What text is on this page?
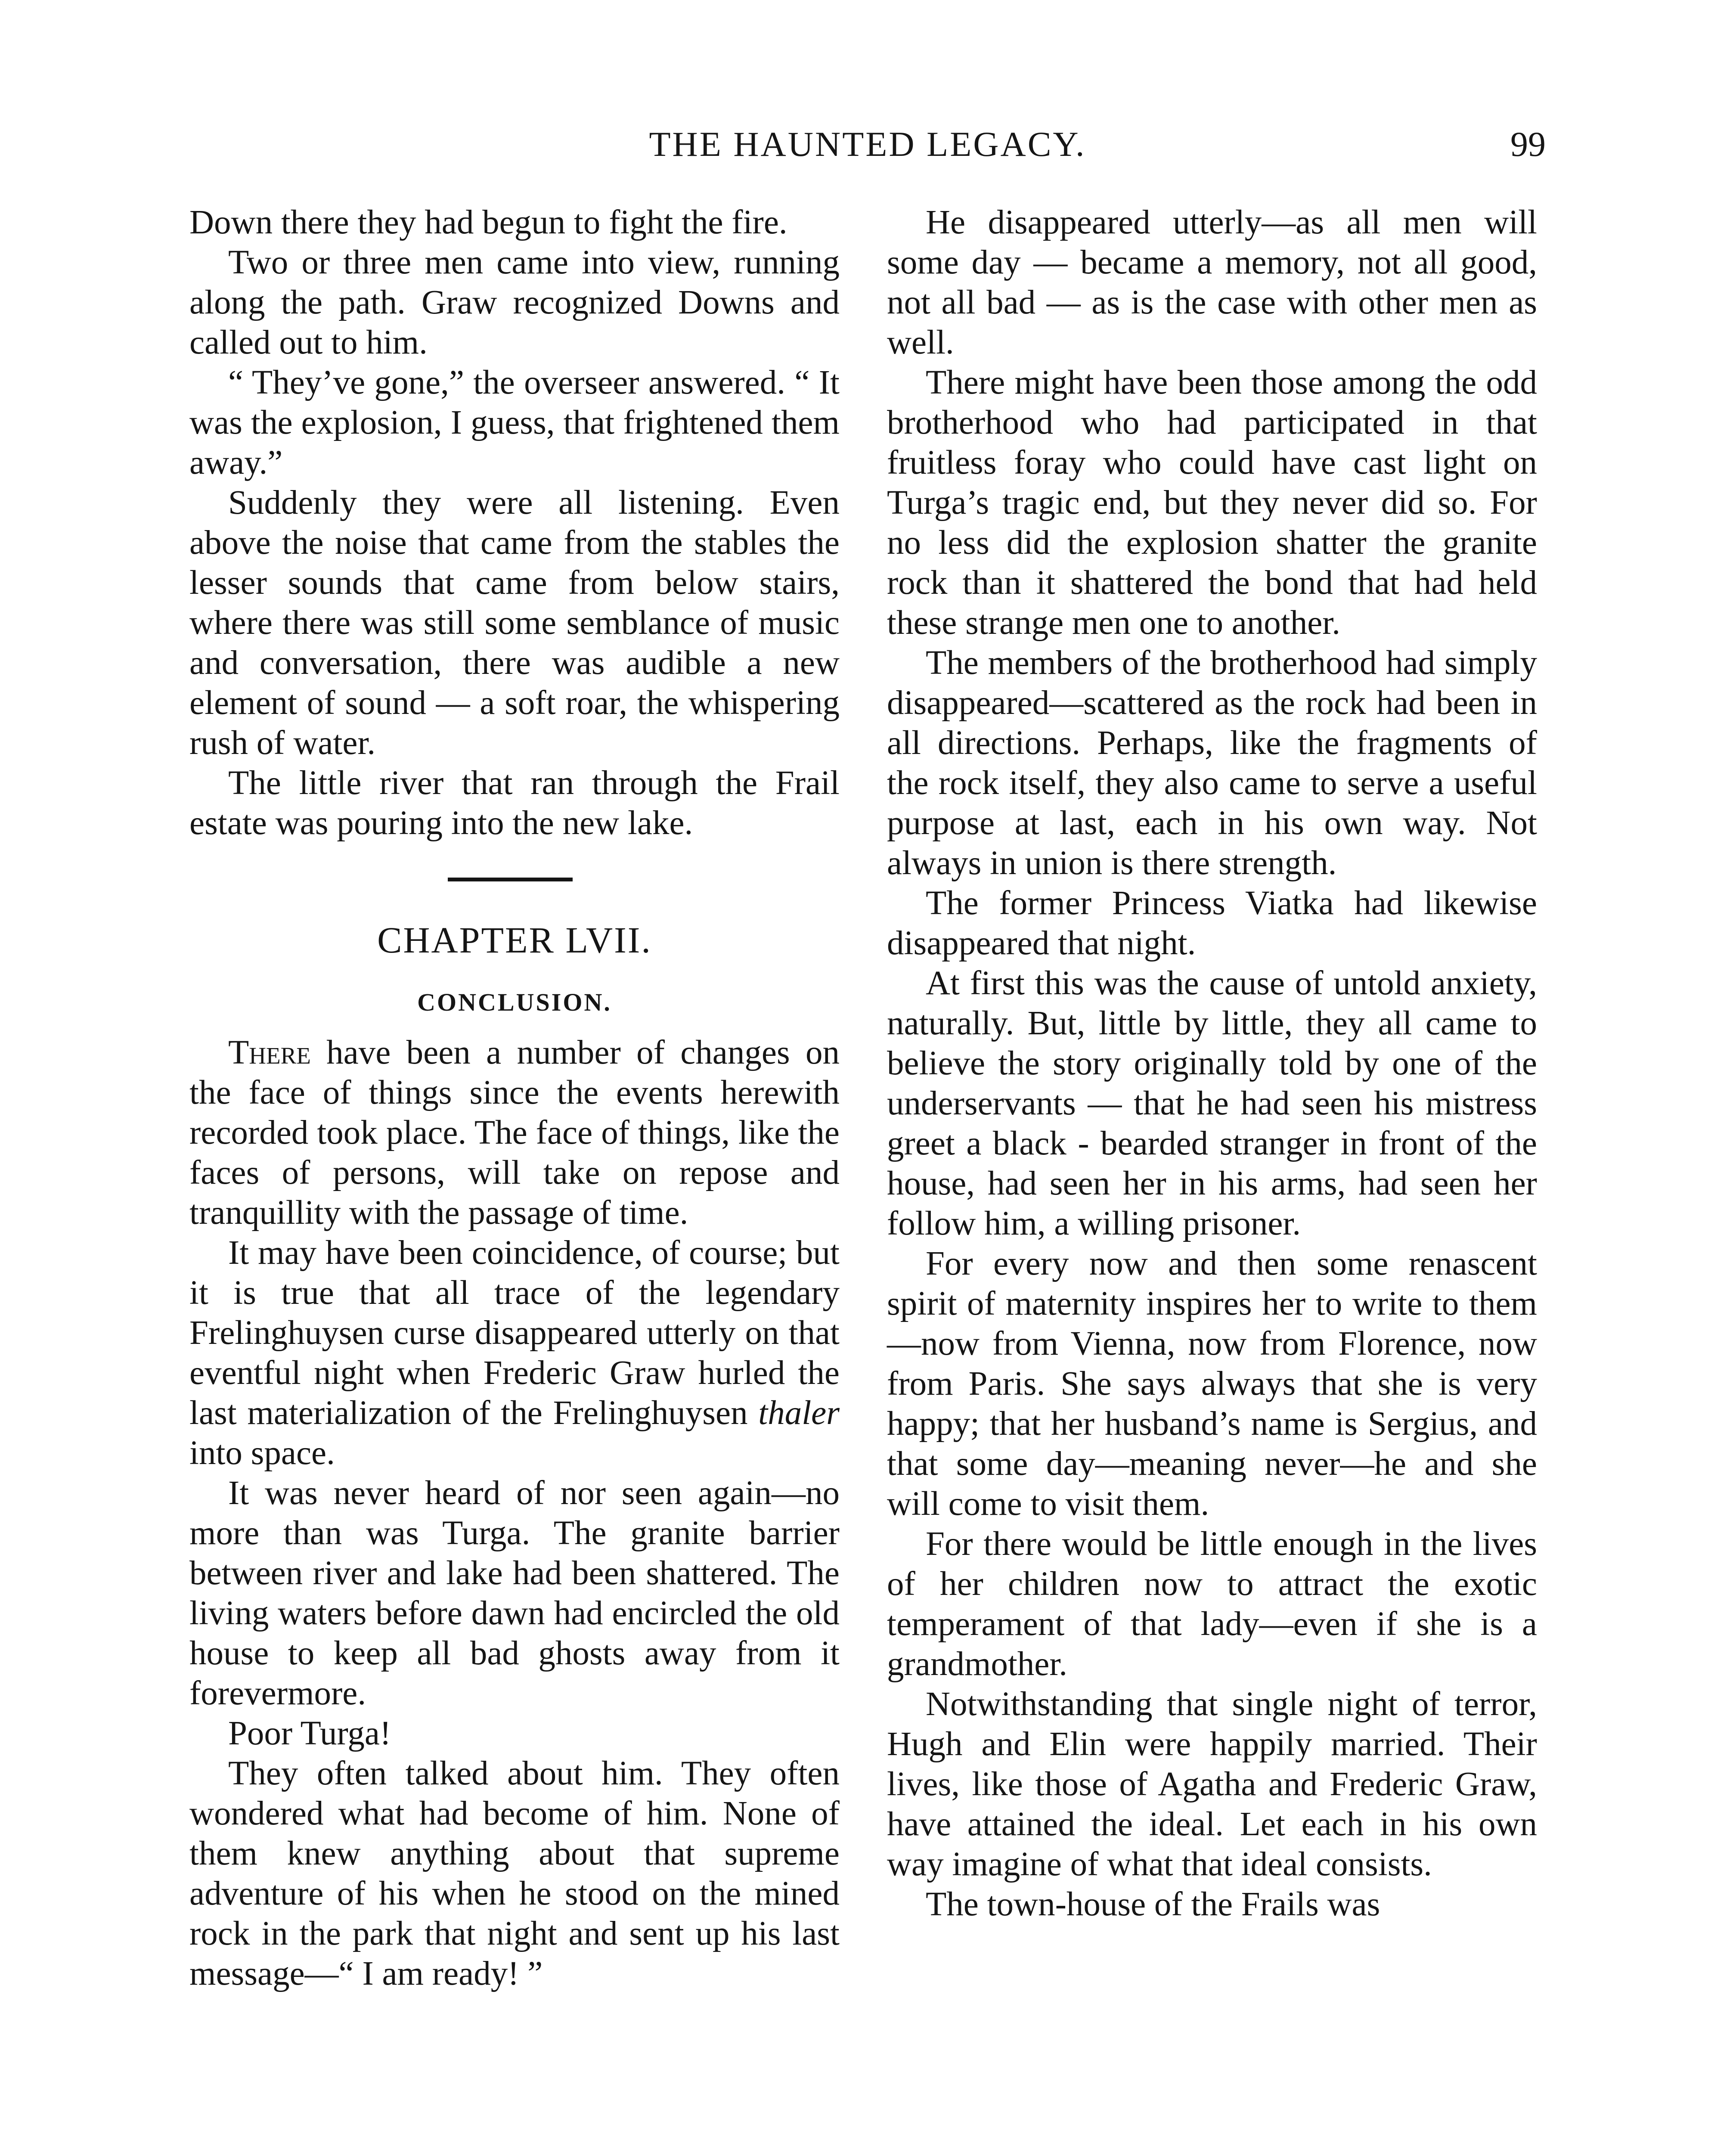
THE HAUNTED LEGACY.	99

Down there they had begun to fight the fire.

Two or three men came into view, running along the path. Graw recognized Downs and called out to him.

“ They’ve gone,” the overseer answered. “ It was the explosion, I guess, that frightened them away.”

Suddenly they were all listening. Even above the noise that came from the stables the lesser sounds that came from below stairs, where there was still some semblance of music and conversation, there was audible a new element of sound — a soft roar, the whispering rush of water.

The little river that ran through the Frail estate was pouring into the new lake.

CHAPTER LVII.
CONCLUSION.

There have been a number of changes on the face of things since the events herewith recorded took place. The face of things, like the faces of persons, will take on repose and tranquillity with the passage of time.

It may have been coincidence, of course; but it is true that all trace of the legendary Frelinghuysen curse disappeared utterly on that eventful night when Frederic Graw hurled the last materialization of the Frelinghuysen thaler into space.

It was never heard of nor seen again—no more than was Turga. The granite barrier between river and lake had been shattered. The living waters before dawn had encircled the old house to keep all bad ghosts away from it forevermore.

Poor Turga!

They often talked about him. They often wondered what had become of him. None of them knew anything about that supreme adventure of his when he stood on the mined rock in the park that night and sent up his last message—“ I am ready! ”

He disappeared utterly—as all men will some day — became a memory, not all good, not all bad — as is the case with other men as well.

There might have been those among the odd brotherhood who had participated in that fruitless foray who could have cast light on Turga’s tragic end, but they never did so. For no less did the explosion shatter the granite rock than it shattered the bond that had held these strange men one to another.

The members of the brotherhood had simply disappeared—scattered as the rock had been in all directions. Perhaps, like the fragments of the rock itself, they also came to serve a useful purpose at last, each in his own way. Not always in union is there strength.

The former Princess Viatka had likewise disappeared that night.

At first this was the cause of untold anxiety, naturally. But, little by little, they all came to believe the story originally told by one of the underservants — that he had seen his mistress greet a black - bearded stranger in front of the house, had seen her in his arms, had seen her follow him, a willing prisoner.

For every now and then some renascent spirit of maternity inspires her to write to them—now from Vienna, now from Florence, now from Paris. She says always that she is very happy; that her husband’s name is Sergius, and that some day—meaning never—he and she will come to visit them.

For there would be little enough in the lives of her children now to attract the exotic temperament of that lady—even if she is a grandmother.

Notwithstanding that single night of terror, Hugh and Elin were happily married. Their lives, like those of Agatha and Frederic Graw, have attained the ideal. Let each in his own way imagine of what that ideal consists.

The town-house of the Frails was
